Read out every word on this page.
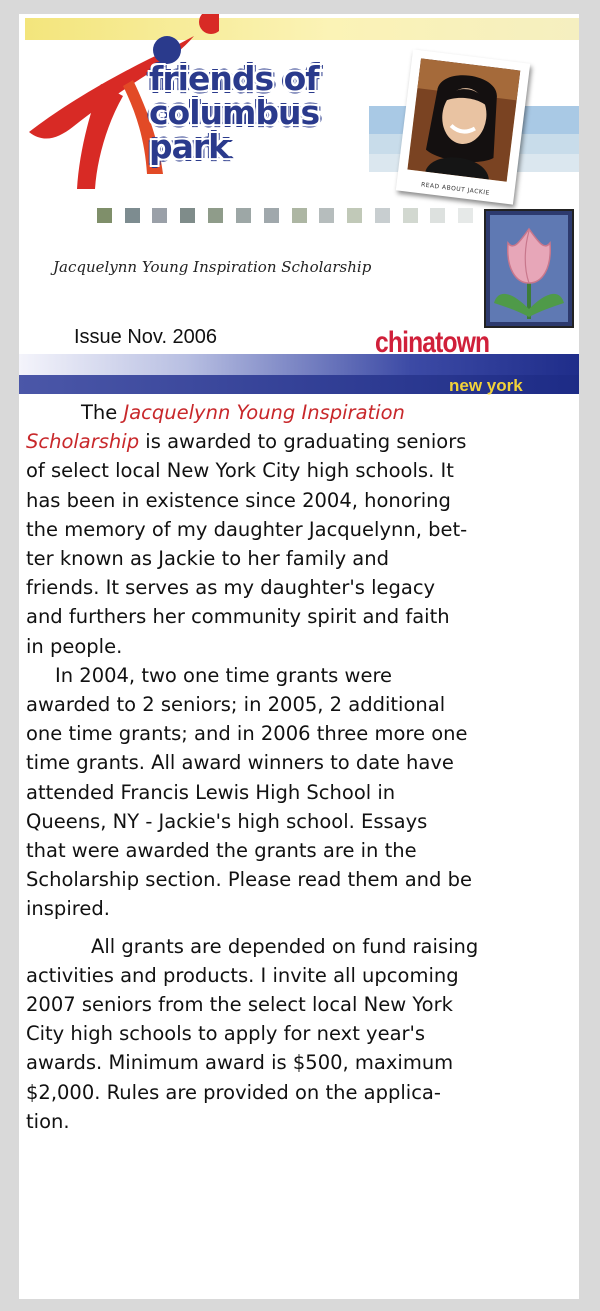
friends of
columbus
park
READ ABOUT JACKIE
Jacquelynn Young Inspiration Scholarship
Issue Nov. 2006	chinatown
new york
The Jacquelynn Young Inspiration
Scholarship is awarded to graduating seniors
of select local New York City high schools. It
has been in existence since 2004, honoring
the memory of my daughter Jacquelynn, bet-
ter known as Jackie to her family and
friends. It serves as my daughter's legacy
and furthers her community spirit and faith
in people.
In 2004, two one time grants were
awarded to 2 seniors; in 2005, 2 additional
one time grants; and in 2006 three more one
time grants. All award winners to date have
attended Francis Lewis High School in
Queens, NY - Jackie's high school. Essays
that were awarded the grants are in the
Scholarship section. Please read them and be
inspired.
All grants are depended on fund raising
activities and products. I invite all upcoming
2007 seniors from the select local New York
City high schools to apply for next year's
awards. Minimum award is $500, maximum
$2,000. Rules are provided on the applica-
tion.
